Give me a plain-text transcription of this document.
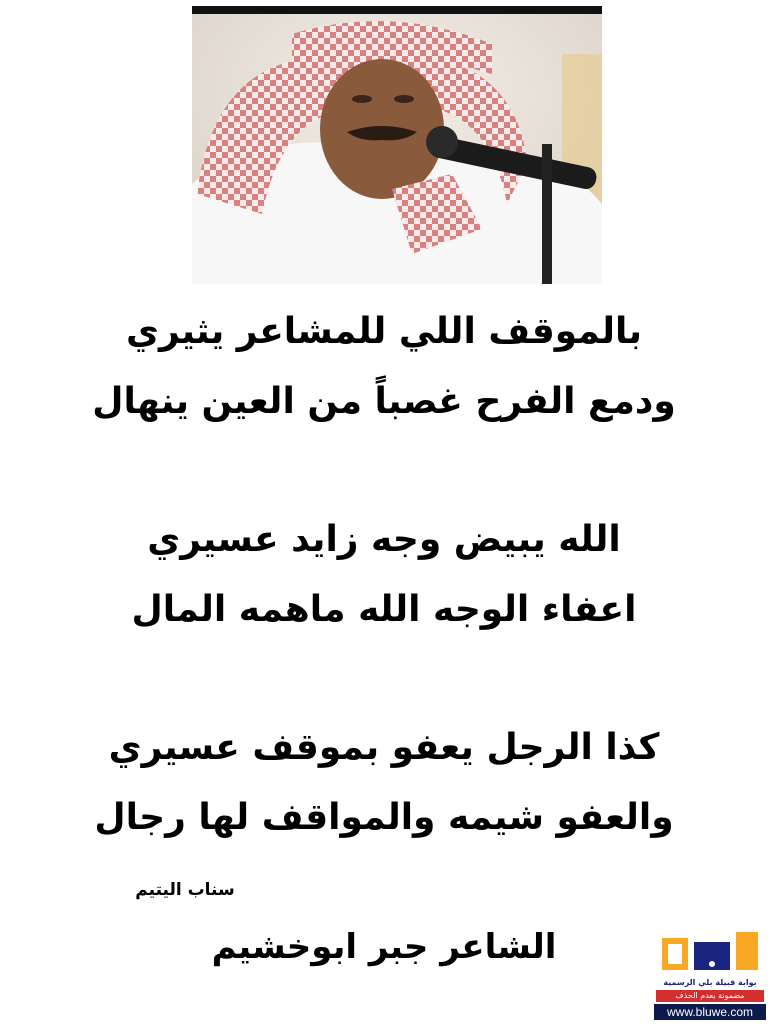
بالموقف اللي للمشاعر يثيري
ودمع الفرح غصباً من العين ينهال
الله يبيض وجه زايد عسيري
اعفاء الوجه الله ماهمه المال
كذا الرجل يعفو بموقف عسيري
والعفو شيمه والمواقف لها رجال
سناب اليتيم
الشاعر جبر ابوخشيم
بوابة قبيلة بلي الرسمية
مضمونة بعدم الحذف
www.bluwe.com
